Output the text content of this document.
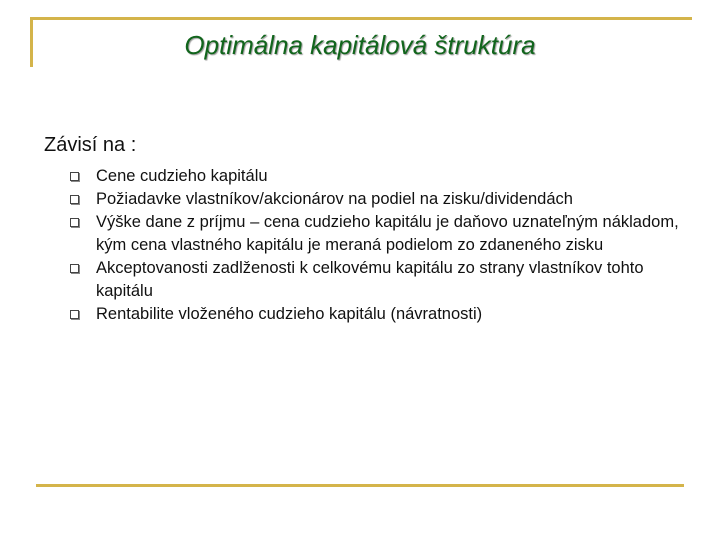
Optimálna kapitálová štruktúra
Závisí na :
Cene cudzieho kapitálu
Požiadavke vlastníkov/akcionárov na podiel na zisku/dividendách
Výške dane z príjmu – cena cudzieho kapitálu je daňovo uznateľným nákladom, kým cena vlastného kapitálu je meraná podielom zo zdaneného zisku
Akceptovanosti zadlženosti k celkovému kapitálu zo strany vlastníkov tohto kapitálu
Rentabilite vloženého cudzieho kapitálu (návratnosti)
